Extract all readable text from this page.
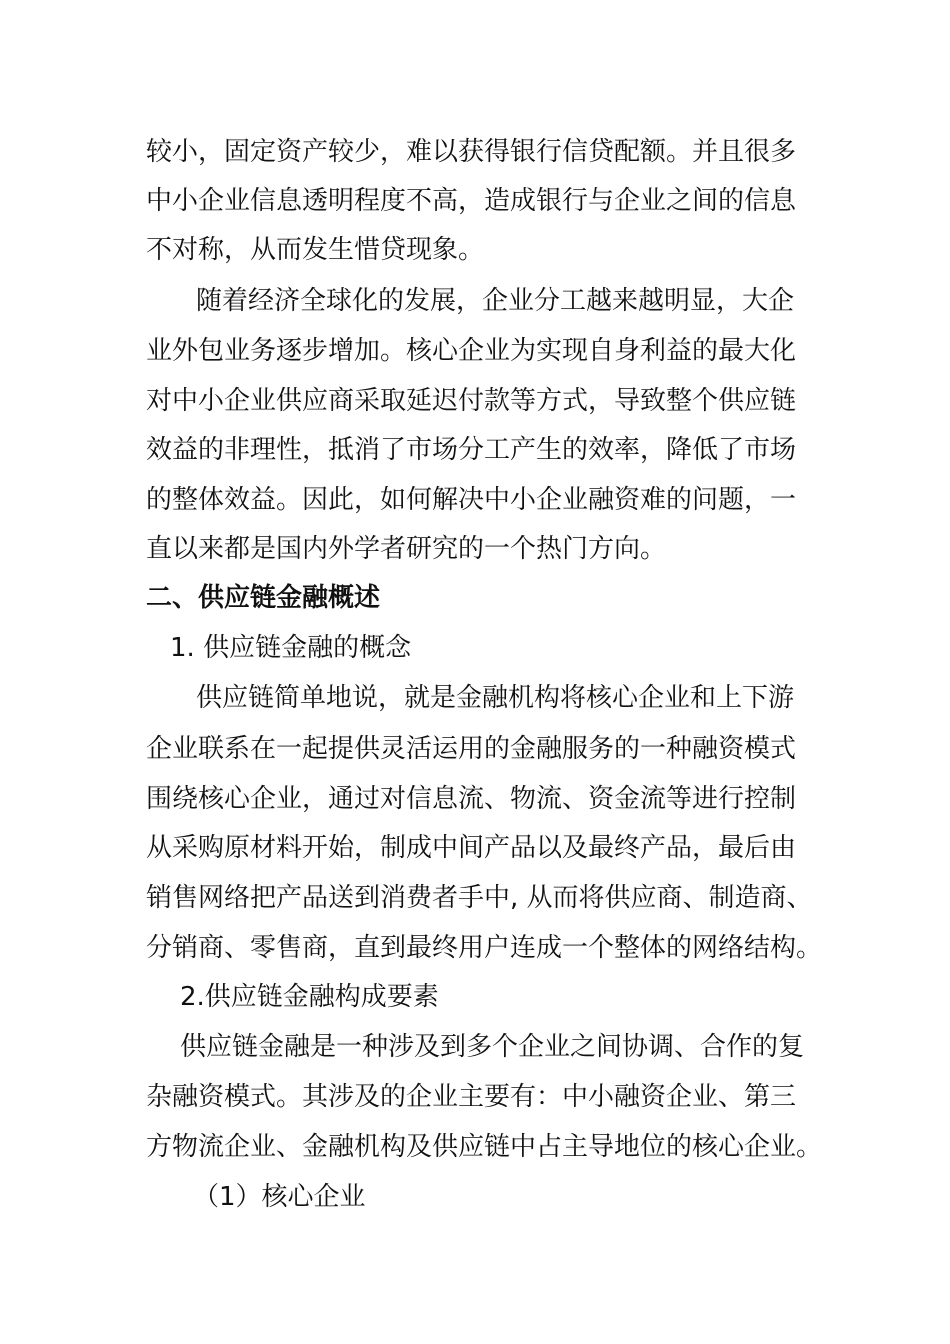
较小，固定资产较少，难以获得银行信贷配额。并且很多
中小企业信息透明程度不高，造成银行与企业之间的信息
不对称，从而发生惜贷现象。
随着经济全球化的发展，企业分工越来越明显，大企
业外包业务逐步增加。核心企业为实现自身利益的最大化
对中小企业供应商采取延迟付款等方式，导致整个供应链
效益的非理性，抵消了市场分工产生的效率，降低了市场
的整体效益。因此，如何解决中小企业融资难的问题，一
直以来都是国内外学者研究的一个热门方向。
二、供应链金融概述
1. 供应链金融的概念
供应链简单地说，就是金融机构将核心企业和上下游
企业联系在一起提供灵活运用的金融服务的一种融资模式
围绕核心企业，通过对信息流、物流、资金流等进行控制
从采购原材料开始，制成中间产品以及最终产品，最后由
销售网络把产品送到消费者手中, 从而将供应商、制造商、
分销商、零售商，直到最终用户连成一个整体的网络结构。
2.供应链金融构成要素
供应链金融是一种涉及到多个企业之间协调、合作的复
杂融资模式。其涉及的企业主要有：中小融资企业、第三
方物流企业、金融机构及供应链中占主导地位的核心企业。
（1）核心企业
